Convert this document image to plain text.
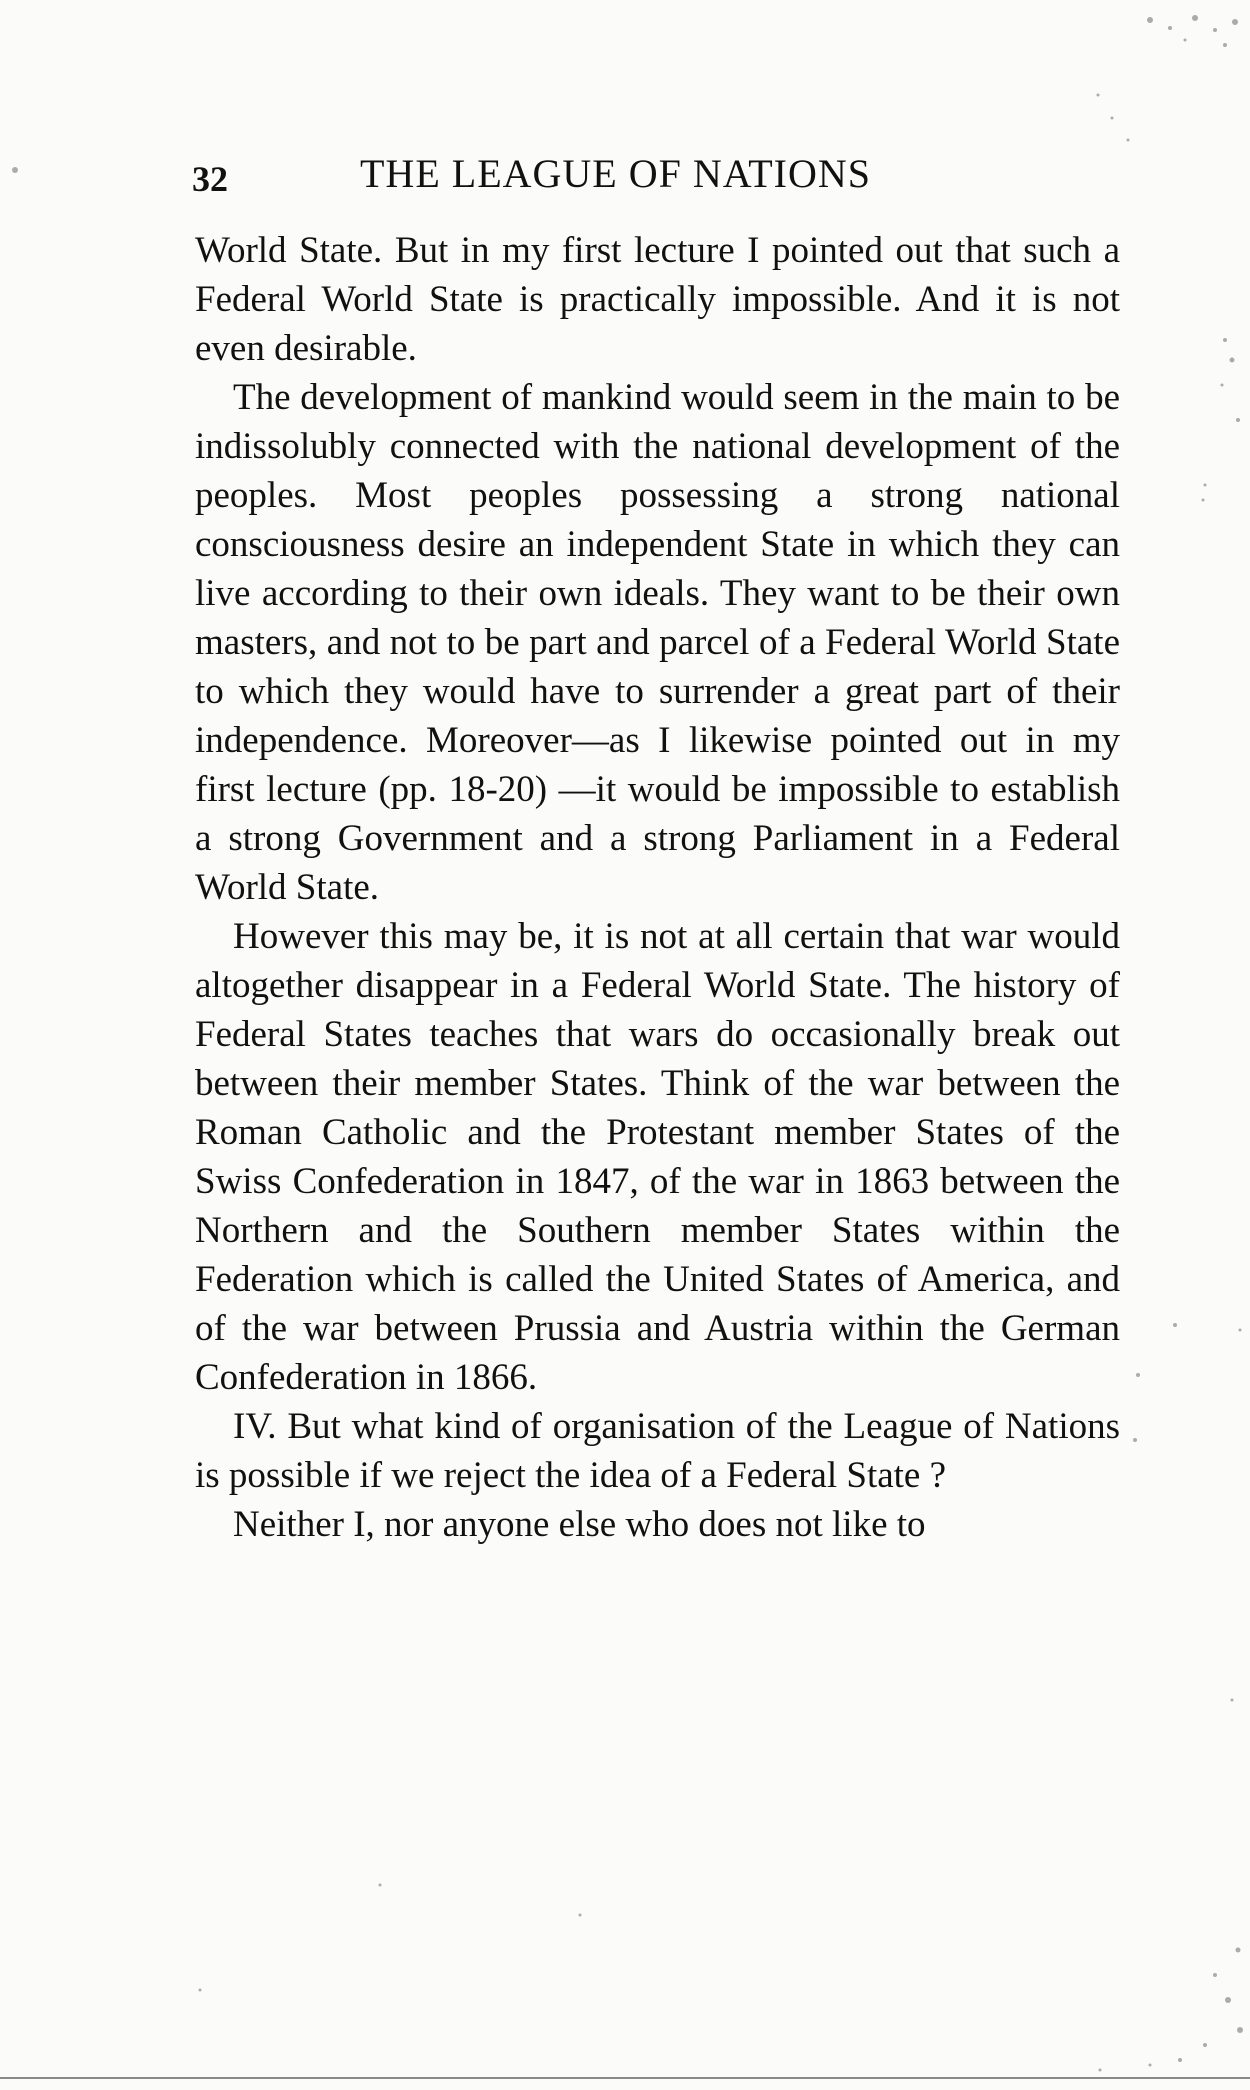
32	THE LEAGUE OF NATIONS

World State. But in my first lecture I pointed out that such a Federal World State is practically impossible. And it is not even desirable.

The development of mankind would seem in the main to be indissolubly connected with the national development of the peoples. Most peoples possessing a strong national consciousness desire an independent State in which they can live according to their own ideals. They want to be their own masters, and not to be part and parcel of a Federal World State to which they would have to surrender a great part of their independence. Moreover—as I likewise pointed out in my first lecture (pp. 18-20) —it would be impossible to establish a strong Government and a strong Parliament in a Federal World State.

However this may be, it is not at all certain that war would altogether disappear in a Federal World State. The history of Federal States teaches that wars do occasionally break out between their member States. Think of the war between the Roman Catholic and the Protestant member States of the Swiss Confederation in 1847, of the war in 1863 between the Northern and the Southern member States within the Federation which is called the United States of America, and of the war between Prussia and Austria within the German Confederation in 1866.

IV. But what kind of organisation of the League of Nations is possible if we reject the idea of a Federal State ?

Neither I, nor anyone else who does not like to
